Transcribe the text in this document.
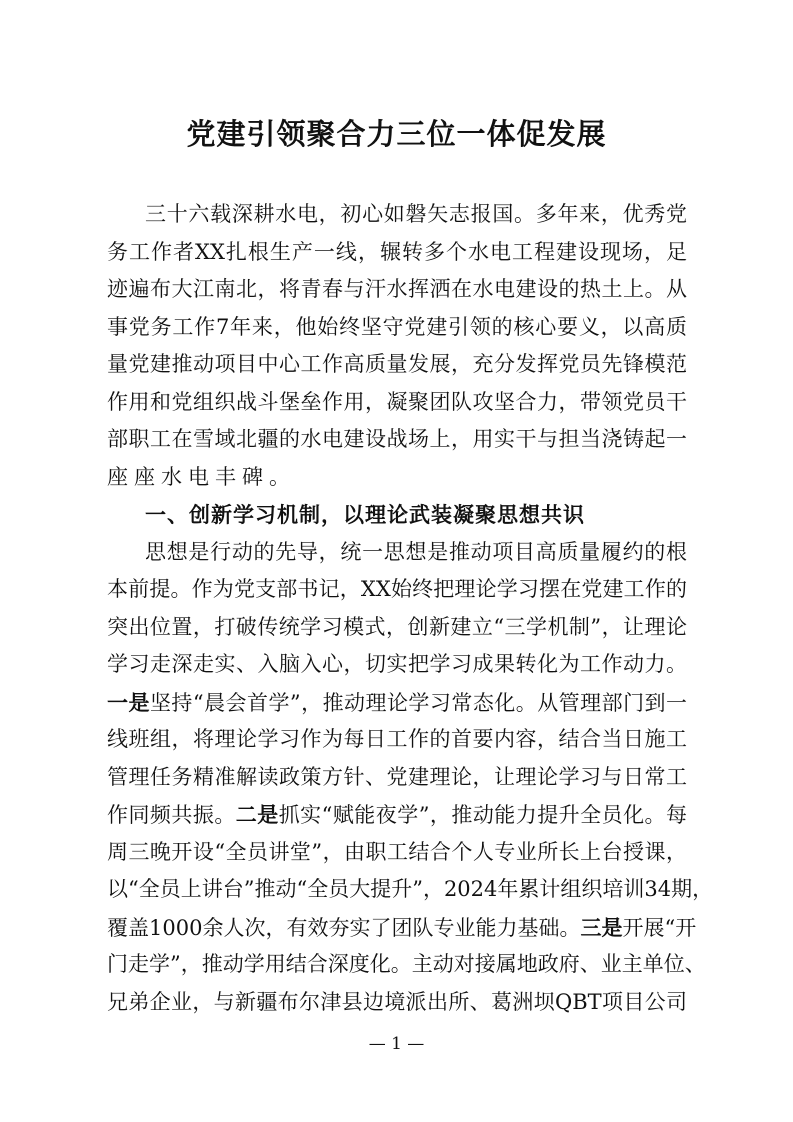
党建引领聚合力三位一体促发展
三十六载深耕水电，初心如磐矢志报国。多年来，优秀党
务工作者XX扎根生产一线，辗转多个水电工程建设现场，足
迹遍布大江南北，将青春与汗水挥洒在水电建设的热土上。从
事党务工作7年来，他始终坚守党建引领的核心要义，以高质
量党建推动项目中心工作高质量发展，充分发挥党员先锋模范
作用和党组织战斗堡垒作用，凝聚团队攻坚合力，带领党员干
部职工在雪域北疆的水电建设战场上，用实干与担当浇铸起一
座座水电丰碑。
一、创新学习机制，以理论武装凝聚思想共识
思想是行动的先导，统一思想是推动项目高质量履约的根
本前提。作为党支部书记，XX始终把理论学习摆在党建工作的
突出位置，打破传统学习模式，创新建立“三学机制”，让理论
学习走深走实、入脑入心，切实把学习成果转化为工作动力。
一是坚持“晨会首学”，推动理论学习常态化。从管理部门到一
线班组，将理论学习作为每日工作的首要内容，结合当日施工
管理任务精准解读政策方针、党建理论，让理论学习与日常工
作同频共振。二是抓实“赋能夜学”，推动能力提升全员化。每
周三晚开设“全员讲堂”，由职工结合个人专业所长上台授课，
以“全员上讲台”推动“全员大提升”，2024年累计组织培训34期，
覆盖1000余人次，有效夯实了团队专业能力基础。三是开展“开
门走学”，推动学用结合深度化。主动对接属地政府、业主单位、
兄弟企业，与新疆布尔津县边境派出所、葛洲坝QBT项目公司
— 1 —
